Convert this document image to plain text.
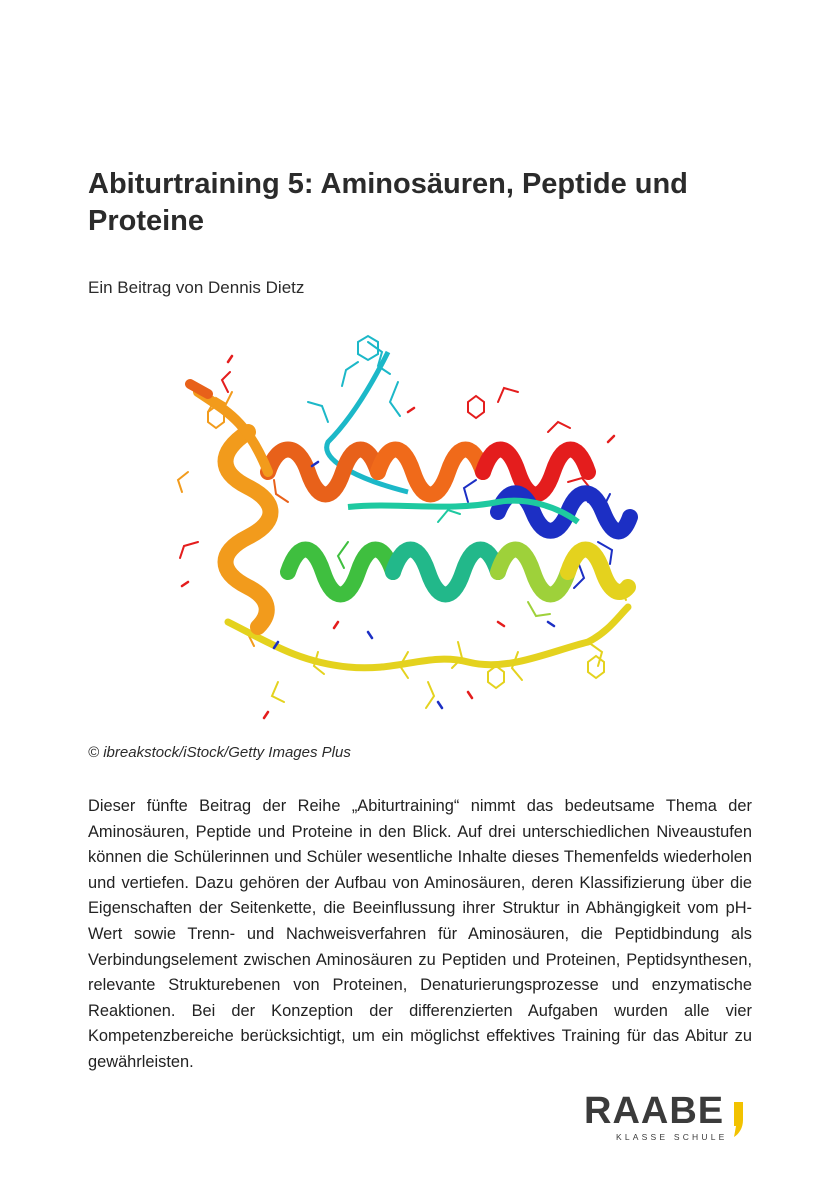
Abiturtraining 5: Aminosäuren, Peptide und Proteine
Ein Beitrag von Dennis Dietz
© ibreakstock/iStock/Getty Images Plus

Dieser fünfte Beitrag der Reihe „Abiturtraining“ nimmt das bedeutsame Thema der Aminosäuren, Peptide und Proteine in den Blick. Auf drei unterschiedlichen Niveaustufen können die Schülerinnen und Schüler wesentliche Inhalte dieses Themenfelds wiederholen und vertiefen. Dazu gehören der Aufbau von Aminosäuren, deren Klassifizierung über die Eigenschaften der Seitenkette, die Beeinflussung ihrer Struktur in Abhängigkeit vom pH-Wert sowie Trenn- und Nachweisverfahren für Aminosäuren, die Peptidbindung als Verbindungselement zwischen Aminosäuren zu Peptiden und Proteinen, Peptidsynthesen, relevante Strukturebenen von Proteinen, Denaturierungsprozesse und enzymatische Reaktionen. Bei der Konzeption der differenzierten Aufgaben wurden alle vier Kompetenzbereiche berücksichtigt, um ein möglichst effektives Training für das Abitur zu gewährleisten.

RAABE
KLASSE SCHULE
